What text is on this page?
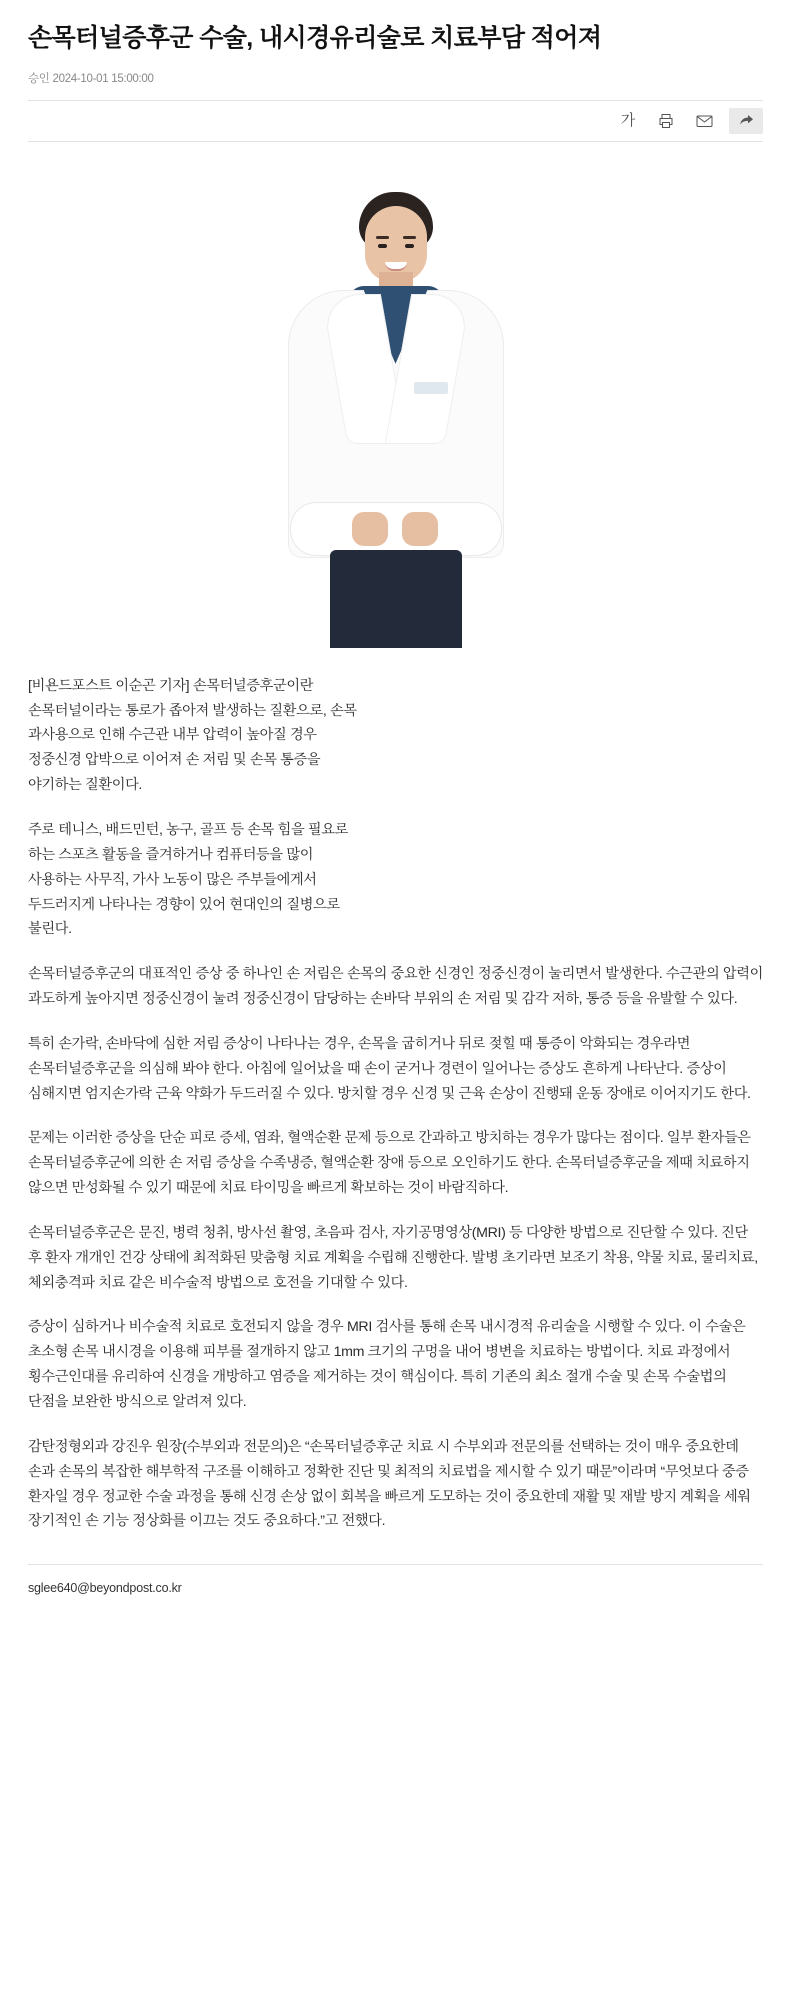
손목터널증후군 수술, 내시경유리술로 치료부담 적어져
승인 2024-10-01 15:00:00
가

[비욘드포스트 이순곤 기자] 손목터널증후군이란 손목터널이라는 통로가 좁아져 발생하는 질환으로, 손목 과사용으로 인해 수근관 내부 압력이 높아질 경우 정중신경 압박으로 이어져 손 저림 및 손목 통증을 야기하는 질환이다.

주로 테니스, 배드민턴, 농구, 골프 등 손목 힘을 필요로 하는 스포츠 활동을 즐겨하거나 컴퓨터등을 많이 사용하는 사무직, 가사 노동이 많은 주부들에게서 두드러지게 나타나는 경향이 있어 현대인의 질병으로 불린다.

손목터널증후군의 대표적인 증상 중 하나인 손 저림은 손목의 중요한 신경인 정중신경이 눌리면서 발생한다. 수근관의 압력이 과도하게 높아지면 정중신경이 눌려 정중신경이 담당하는 손바닥 부위의 손 저림 및 감각 저하, 통증 등을 유발할 수 있다.

특히 손가락, 손바닥에 심한 저림 증상이 나타나는 경우, 손목을 굽히거나 뒤로 젖힐 때 통증이 악화되는 경우라면 손목터널증후군을 의심해 봐야 한다. 아침에 일어났을 때 손이 굳거나 경련이 일어나는 증상도 흔하게 나타난다. 증상이 심해지면 엄지손가락 근육 약화가 두드러질 수 있다. 방치할 경우 신경 및 근육 손상이 진행돼 운동 장애로 이어지기도 한다.

문제는 이러한 증상을 단순 피로 증세, 염좌, 혈액순환 문제 등으로 간과하고 방치하는 경우가 많다는 점이다. 일부 환자들은 손목터널증후군에 의한 손 저림 증상을 수족냉증, 혈액순환 장애 등으로 오인하기도 한다. 손목터널증후군을 제때 치료하지 않으면 만성화될 수 있기 때문에 치료 타이밍을 빠르게 확보하는 것이 바람직하다.

손목터널증후군은 문진, 병력 청취, 방사선 촬영, 초음파 검사, 자기공명영상(MRI) 등 다양한 방법으로 진단할 수 있다. 진단 후 환자 개개인 건강 상태에 최적화된 맞춤형 치료 계획을 수립해 진행한다. 발병 초기라면 보조기 착용, 약물 치료, 물리치료, 체외충격파 치료 같은 비수술적 방법으로 호전을 기대할 수 있다.

증상이 심하거나 비수술적 치료로 호전되지 않을 경우 MRI 검사를 통해 손목 내시경적 유리술을 시행할 수 있다. 이 수술은 초소형 손목 내시경을 이용해 피부를 절개하지 않고 1mm 크기의 구멍을 내어 병변을 치료하는 방법이다. 치료 과정에서 횡수근인대를 유리하여 신경을 개방하고 염증을 제거하는 것이 핵심이다. 특히 기존의 최소 절개 수술 및 손목 수술법의 단점을 보완한 방식으로 알려져 있다.

감탄정형외과 강진우 원장(수부외과 전문의)은 “손목터널증후군 치료 시 수부외과 전문의를 선택하는 것이 매우 중요한데 손과 손목의 복잡한 해부학적 구조를 이해하고 정확한 진단 및 최적의 치료법을 제시할 수 있기 때문”이라며 “무엇보다 중증 환자일 경우 정교한 수술 과정을 통해 신경 손상 없이 회복을 빠르게 도모하는 것이 중요한데 재활 및 재발 방지 계획을 세워 장기적인 손 기능 정상화를 이끄는 것도 중요하다.”고 전했다.

sglee640@beyondpost.co.kr
